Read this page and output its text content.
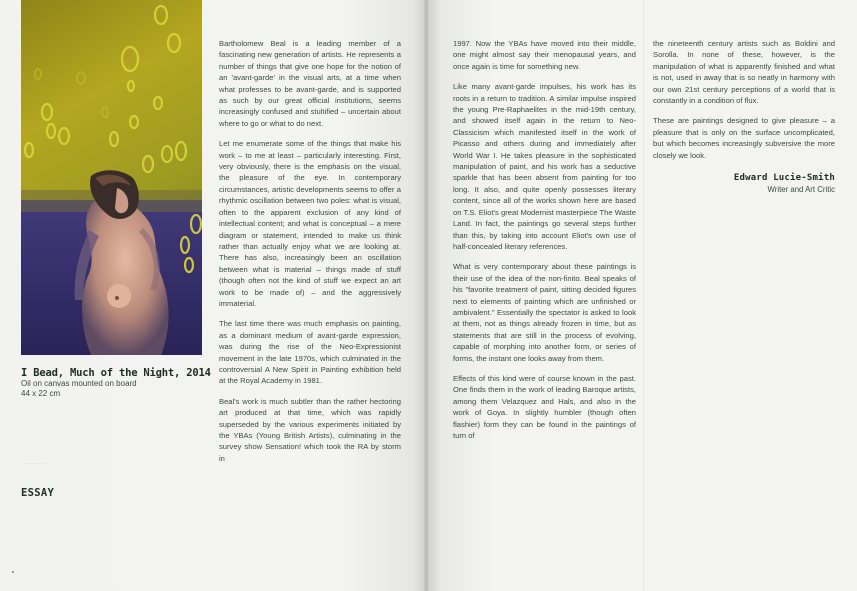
I Bead, Much of the Night, 2014
Oil on canvas mounted on board
44 x 22 cm
────
ESSAY

Bartholomew Beal is a leading member of a fascinating new generation of artists. He represents a number of things that give one hope for the notion of an 'avant-garde' in the visual arts, at a time when what professes to be avant-garde, and is supported as such by our great official institutions, seems increasingly confused and stultified – uncertain about where to go or what to do next.

Let me enumerate some of the things that make his work – to me at least – particularly interesting. First, very obviously, there is the emphasis on the visual, the pleasure of the eye. In contemporary circumstances, artistic developments seems to offer a rhythmic oscillation between two poles: what is visual, often to the apparent exclusion of any kind of intellectual content; and what is conceptual – a mere diagram or statement, intended to make us think rather than actually enjoy what we are looking at. There has also, increasingly been an oscillation between what is material – things made of stuff (though often not the kind of stuff we expect an art work to be made of) – and the aggressively immaterial.

The last time there was much emphasis on painting, as a dominant medium of avant-garde expression, was during the rise of the Neo-Expressionist movement in the late 1970s, which culminated in the controversial A New Spirit in Painting exhibition held at the Royal Academy in 1981.

Beal's work is much subtler than the rather hectoring art produced at that time, which was rapidly superseded by the various experiments initiated by the YBAs (Young British Artists), culminating in the survey show Sensation! which took the RA by storm in

1997. Now the YBAs have moved into their middle, one might almost say their menopausal years, and once again is time for something new.

Like many avant-garde impulses, his work has its roots in a return to tradition. A similar impulse inspired the young Pre-Raphaelites in the mid-19th century, and showed itself again in the return to Neo-Classicism which manifested itself in the work of Picasso and others during and immediately after World War I. He takes pleasure in the sophisticated manipulation of paint, and his work has a seductive sparkle that has been absent from painting for too long. It also, and quite openly possesses literary content, since all of the works shown here are based on T.S. Eliot's great Modernist masterpiece The Waste Land. In fact, the paintings go several steps further than this, by taking into account Eliot's own use of half-concealed literary references.

What is very contemporary about these paintings is their use of the idea of the non-finito. Beal speaks of his "favorite treatment of paint, sitting decided figures next to elements of painting which are unfinished or ambivalent." Essentially the spectator is asked to look at them, not as things already frozen in time, but as statements that are still in the process of evolving, capable of morphing into another form, or series of forms, the instant one looks away from them.

Effects of this kind were of course known in the past. One finds them in the work of leading Baroque artists, among them Velazquez and Hals, and also in the work of Goya. In slightly humbler (though often flashier) form they can be found in the paintings of turn of

the nineteenth century artists such as Boldini and Sorolla. In none of these, however, is the manipulation of what is apparently finished and what is not, used in away that is so neatly in harmony with our own 21st century perceptions of a world that is constantly in a condition of flux.

These are paintings designed to give pleasure – a pleasure that is only on the surface uncomplicated, but which becomes increasingly subversive the more closely we look.

Edward Lucie-Smith
Writer and Art Critic
